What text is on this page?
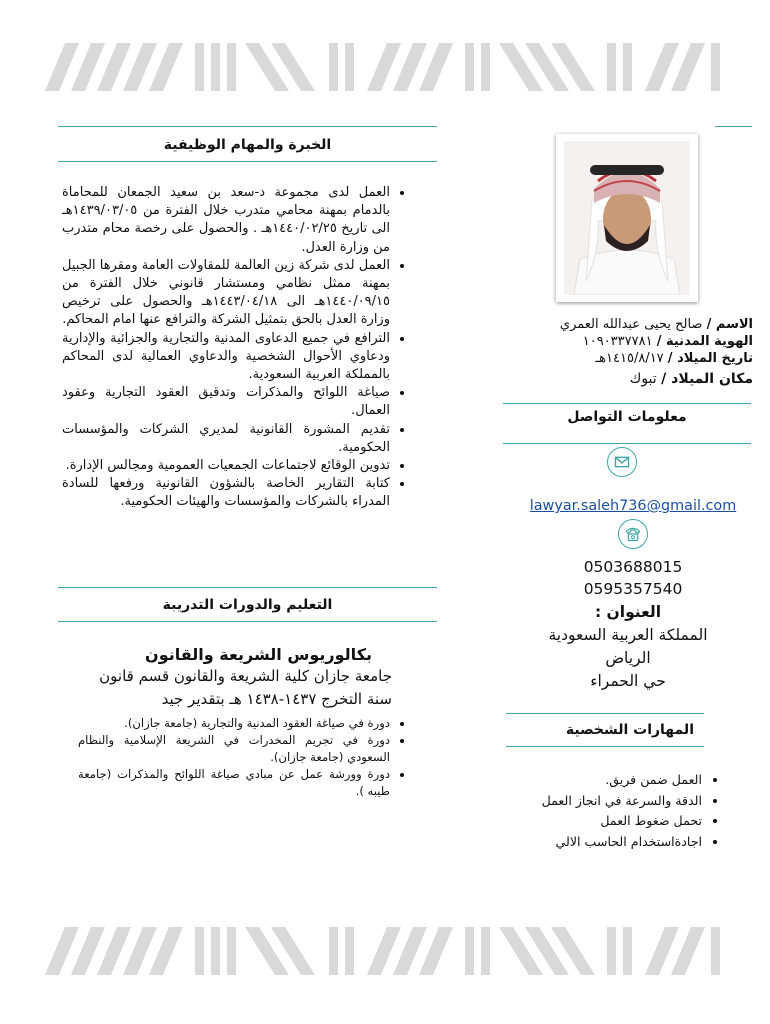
الخبرة والمهام الوظيفية
• العمل لدى مجموعة د-سعد بن سعيد الجمعان للمحاماة بالدمام بمهنة محامي متدرب خلال الفترة من ١٤٣٩/٠٣/٠٥هـ الى تاريخ ١٤٤٠/٠٢/٢٥هـ . والحصول على رخصة محام متدرب من وزارة العدل.
• العمل لدى شركة زين العالمة للمقاولات العامة ومقرها الجبيل بمهنة ممثل نظامي ومستشار قانوني خلال الفترة من ١٤٤٠/٠٩/١٥هـ الى ١٤٤٣/٠٤/١٨هـ والحصول على ترخيص وزارة العدل بالحق بتمثيل الشركة والترافع عنها امام المحاكم.
• الترافع في جميع الدعاوى المدنية والتجارية والجزائية والإدارية ودعاوي الأحوال الشخصية والدعاوي العمالية لدى المحاكم بالمملكة العربية السعودية.
• صياغة اللوائح والمذكرات وتدقيق العقود التجارية وعقود العمال.
• تقديم المشورة القانونية لمديري الشركات والمؤسسات الحكومية.
• تدوين الوقائع لاجتماعات الجمعيات العمومية ومجالس الإدارة.
• كتابة التقارير الخاصة بالشؤون القانونية ورفعها للسادة المدراء بالشركات والمؤسسات والهيئات الحكومية.
التعليم والدورات التدريبة
بكالوريوس الشريعة والقانون
جامعة جازان كلية الشريعة والقانون قسم قانون
سنة التخرج ١٤٣٧-١٤٣٨ هـ بتقدير جيد
• دورة في صياغة العقود المدنية والتجارية (جامعة جازان).
• دورة في تجريم المخدرات في الشريعة الإسلامية والنظام السعودي (جامعة جازان).
• دورة وورشة عمل عن مبادي صياغة اللوائح والمذكرات (جامعة طيبه ).
الاسم / صالح يحيى عبدالله العمري
الهوية المدنية / ١٠٩٠٣٣٧٧٨١
تاريخ الميلاد / ١٤١٥/٨/١٧هـ
مكان الميلاد / تبوك
معلومات التواصل
lawyar.saleh736@gmail.com
0503688015
0595357540
العنوان :
المملكة العربية السعودية
الرياض
حي الحمراء
المهارات الشخصية
• العمل ضمن فريق.
• الدقة والسرعة في انجاز العمل
• تحمل ضغوط العمل
• اجادةاستخدام الحاسب الالي
